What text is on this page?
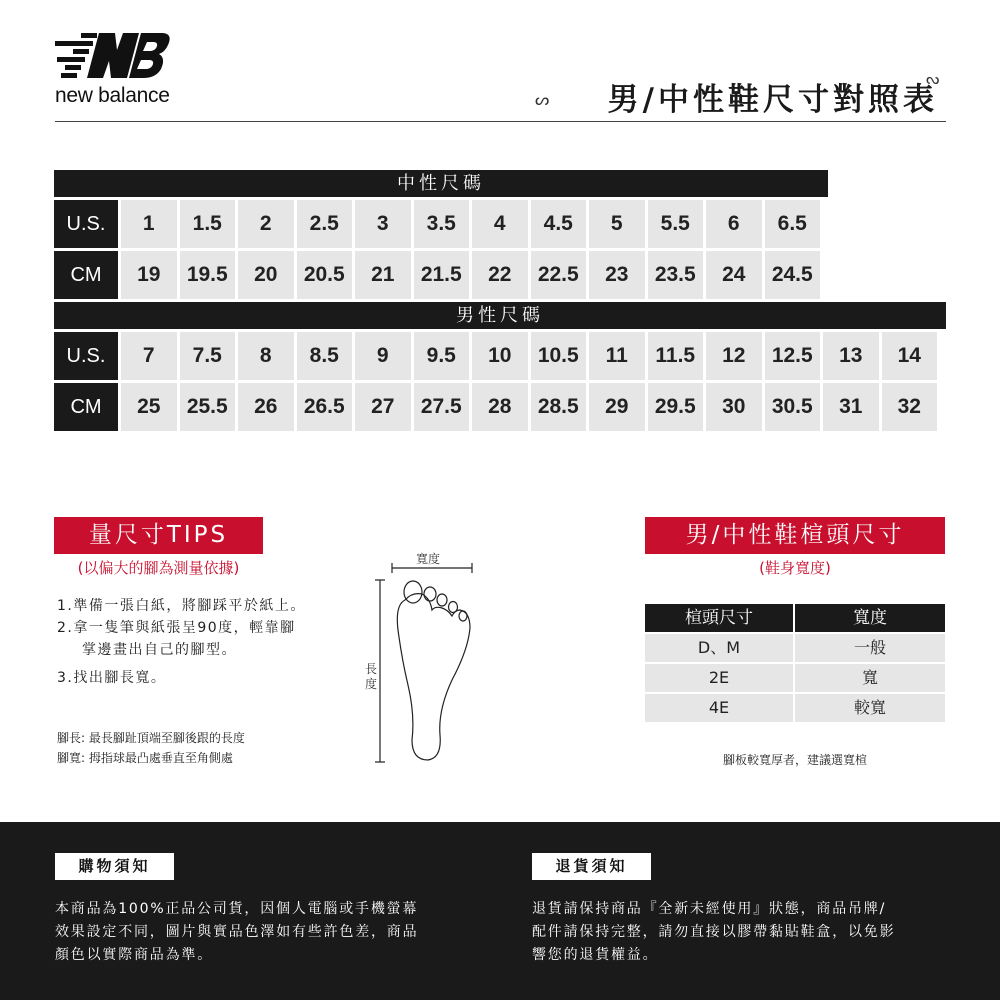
new balance	ᔕ 男/中性鞋尺寸對照表
ᔓ
中性尺碼
U.S.	1	1.5	2	2.5	3	3.5	4	4.5	5	5.5	6	6.5
CM	19	19.5	20	20.5	21	21.5	22	22.5	23	23.5	24	24.5
男性尺碼
U.S.	7	7.5	8	8.5	9	9.5	10	10.5	11	11.5	12	12.5	13	14
CM	25	25.5	26	26.5	27	27.5	28	28.5	29	29.5	30	30.5	31	32
量尺寸TIPS
(以偏大的腳為測量依據)
1.準備一張白紙，將腳踩平於紙上。
2.拿一隻筆與紙張呈90度，輕靠腳
掌邊畫出自己的腳型。
3.找出腳長寬。
腳長: 最長腳趾頂端至腳後跟的長度
腳寬: 拇指球最凸處垂直至角側處
寬度
長度
男/中性鞋楦頭尺寸
(鞋身寬度)
楦頭尺寸	寬度
D、M	一般
2E	寬
4E	較寬
腳板較寬厚者，建議選寬楦
購物須知
本商品為100%正品公司貨，因個人電腦或手機螢幕
效果設定不同，圖片與實品色澤如有些許色差，商品
顏色以實際商品為準。
退貨須知
退貨請保持商品『全新未經使用』狀態，商品吊牌/
配件請保持完整，請勿直接以膠帶黏貼鞋盒，以免影
響您的退貨權益。
